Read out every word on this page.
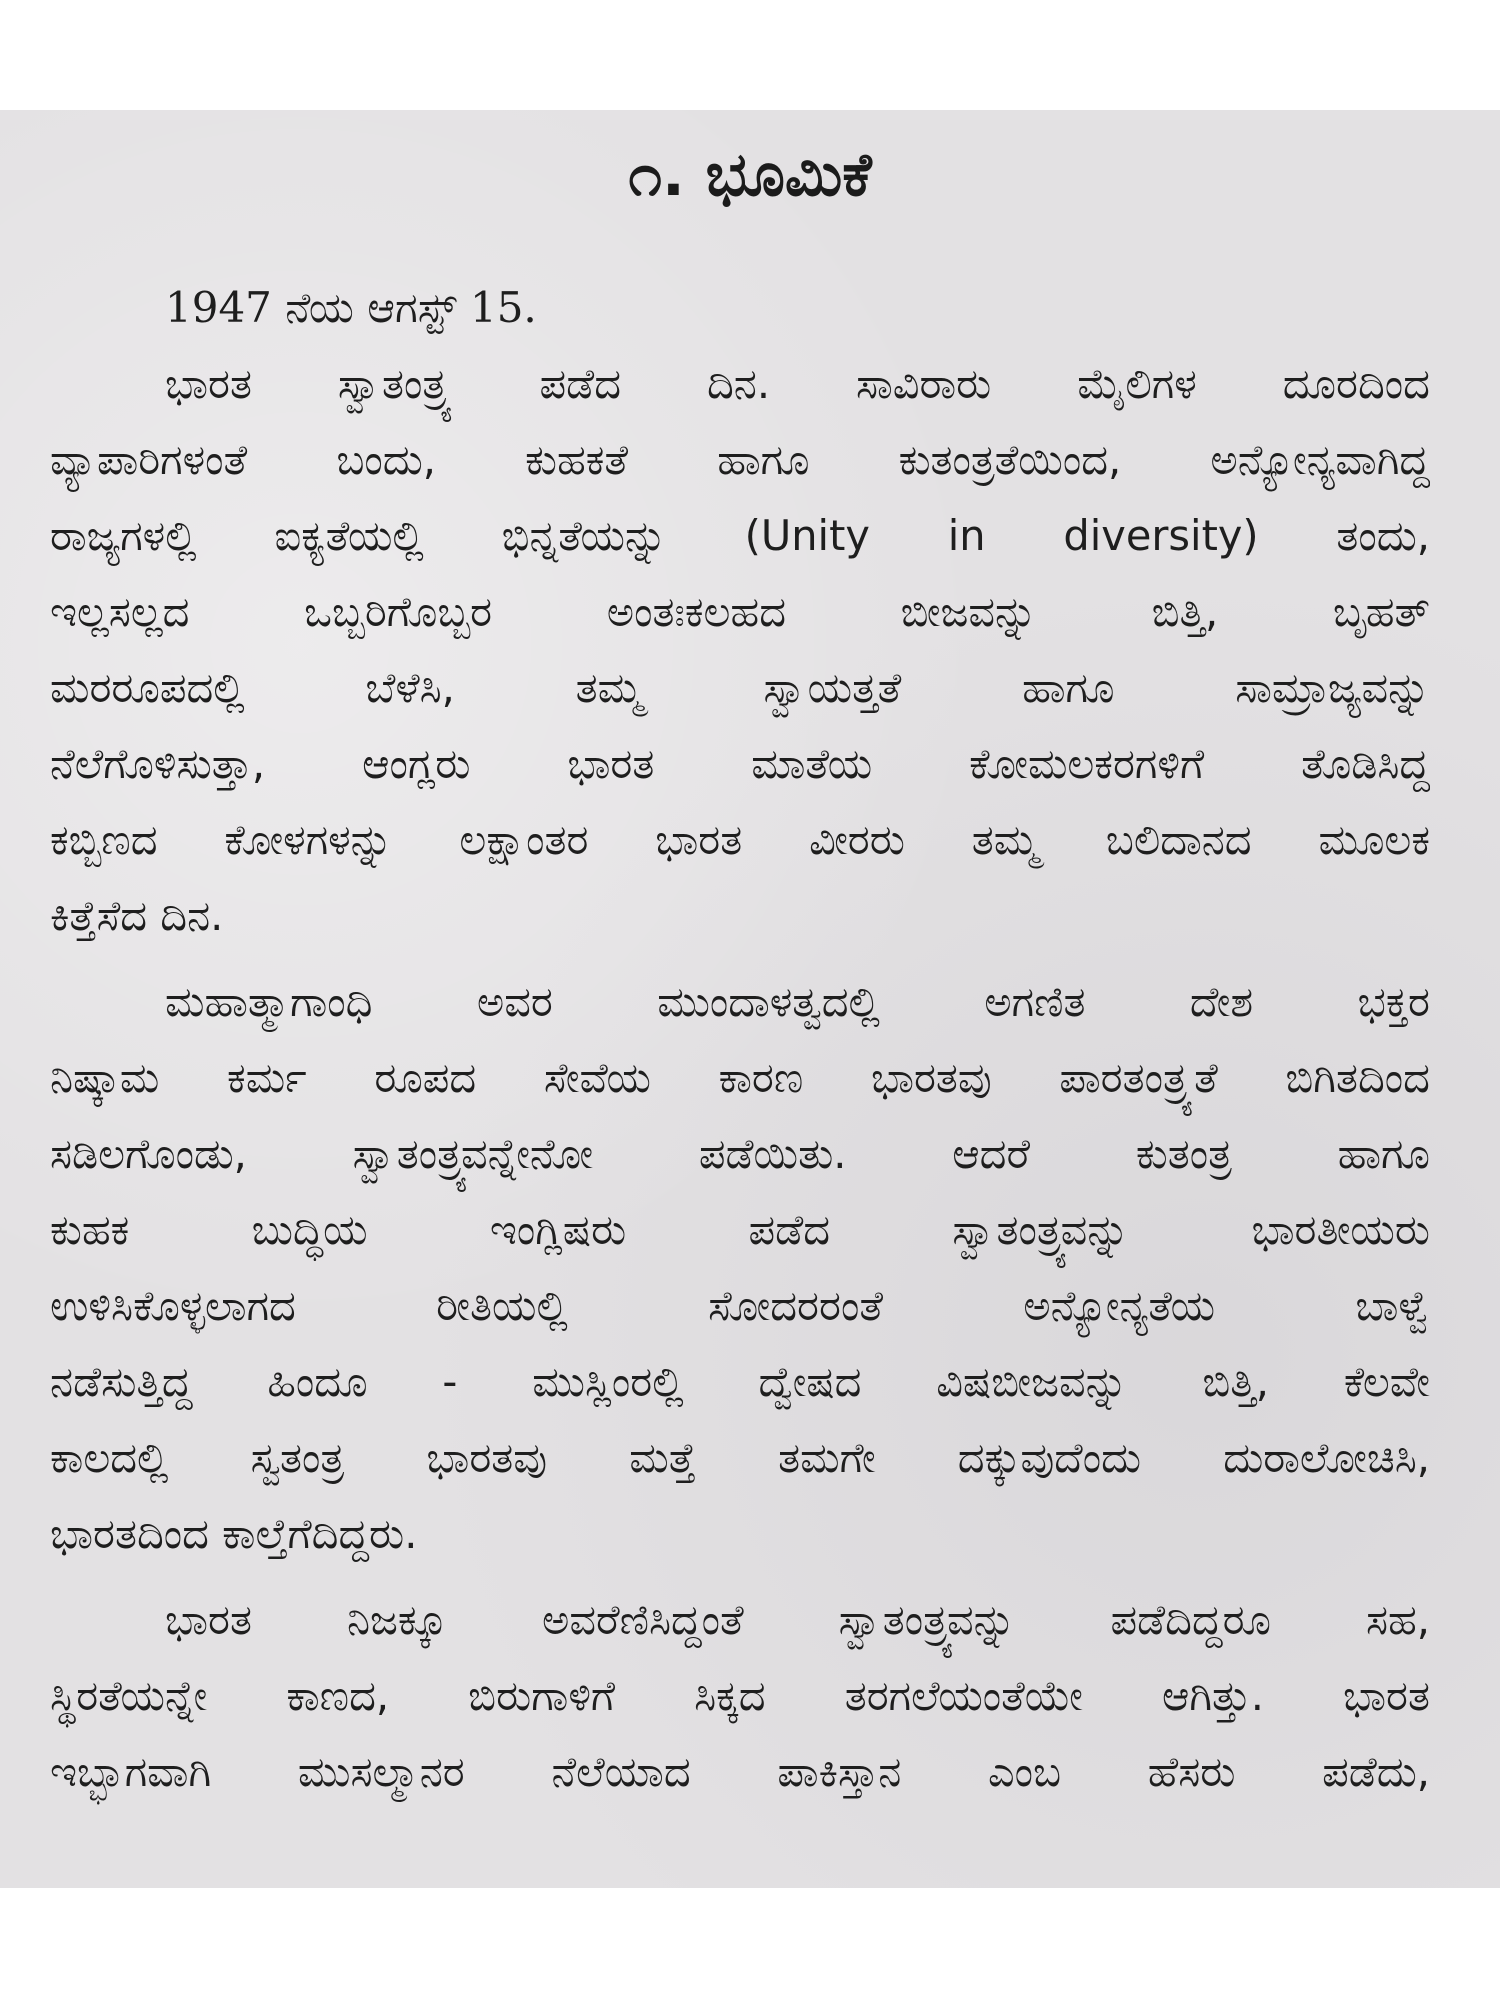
೧. ಭೂಮಿಕೆ
1947 ನೆಯ ಆಗಸ್ಟ್ 15.
ಭಾರತ ಸ್ವಾತಂತ್ರ್ಯ ಪಡೆದ ದಿನ. ಸಾವಿರಾರು ಮೈಲಿಗಳ ದೂರದಿಂದ
ವ್ಯಾಪಾರಿಗಳಂತೆ ಬಂದು, ಕುಹಕತೆ ಹಾಗೂ ಕುತಂತ್ರತೆಯಿಂದ, ಅನ್ಯೋನ್ಯವಾಗಿದ್ದ
ರಾಜ್ಯಗಳಲ್ಲಿ ಐಕ್ಯತೆಯಲ್ಲಿ ಭಿನ್ನತೆಯನ್ನು (Unity in diversity) ತಂದು,
ಇಲ್ಲಸಲ್ಲದ ಒಬ್ಬರಿಗೊಬ್ಬರ ಅಂತಃಕಲಹದ ಬೀಜವನ್ನು ಬಿತ್ತಿ, ಬೃಹತ್
ಮರರೂಪದಲ್ಲಿ ಬೆಳೆಸಿ, ತಮ್ಮ ಸ್ವಾಯತ್ತತೆ ಹಾಗೂ ಸಾಮ್ರಾಜ್ಯವನ್ನು
ನೆಲೆಗೊಳಿಸುತ್ತಾ, ಆಂಗ್ಲರು ಭಾರತ ಮಾತೆಯ ಕೋಮಲಕರಗಳಿಗೆ ತೊಡಿಸಿದ್ದ
ಕಬ್ಬಿಣದ ಕೋಳಗಳನ್ನು ಲಕ್ಷಾಂತರ ಭಾರತ ವೀರರು ತಮ್ಮ ಬಲಿದಾನದ ಮೂಲಕ
ಕಿತ್ತೆಸೆದ ದಿನ.
ಮಹಾತ್ಮಾಗಾಂಧಿ ಅವರ ಮುಂದಾಳತ್ವದಲ್ಲಿ ಅಗಣಿತ ದೇಶ ಭಕ್ತರ
ನಿಷ್ಕಾಮ ಕರ್ಮ ರೂಪದ ಸೇವೆಯ ಕಾರಣ ಭಾರತವು ಪಾರತಂತ್ರ್ಯತೆ ಬಿಗಿತದಿಂದ
ಸಡಿಲಗೊಂಡು, ಸ್ವಾತಂತ್ರ್ಯವನ್ನೇನೋ ಪಡೆಯಿತು. ಆದರೆ ಕುತಂತ್ರ ಹಾಗೂ
ಕುಹಕ ಬುದ್ಧಿಯ ಇಂಗ್ಲಿಷರು ಪಡೆದ ಸ್ವಾತಂತ್ರ್ಯವನ್ನು ಭಾರತೀಯರು
ಉಳಿಸಿಕೊಳ್ಳಲಾಗದ ರೀತಿಯಲ್ಲಿ ಸೋದರರಂತೆ ಅನ್ಯೋನ್ಯತೆಯ ಬಾಳ್ವೆ
ನಡೆಸುತ್ತಿದ್ದ ಹಿಂದೂ - ಮುಸ್ಲಿಂರಲ್ಲಿ ದ್ವೇಷದ ವಿಷಬೀಜವನ್ನು ಬಿತ್ತಿ, ಕೆಲವೇ
ಕಾಲದಲ್ಲಿ ಸ್ವತಂತ್ರ ಭಾರತವು ಮತ್ತೆ ತಮಗೇ ದಕ್ಕುವುದೆಂದು ದುರಾಲೋಚಿಸಿ,
ಭಾರತದಿಂದ ಕಾಲ್ತೆಗೆದಿದ್ದರು.
ಭಾರತ ನಿಜಕ್ಕೂ ಅವರೆಣಿಸಿದ್ದಂತೆ ಸ್ವಾತಂತ್ರ್ಯವನ್ನು ಪಡೆದಿದ್ದರೂ ಸಹ,
ಸ್ಥಿರತೆಯನ್ನೇ ಕಾಣದ, ಬಿರುಗಾಳಿಗೆ ಸಿಕ್ಕದ ತರಗಲೆಯಂತೆಯೇ ಆಗಿತ್ತು. ಭಾರತ
ಇಬ್ಭಾಗವಾಗಿ ಮುಸಲ್ಮಾನರ ನೆಲೆಯಾದ ಪಾಕಿಸ್ತಾನ ಎಂಬ ಹೆಸರು ಪಡೆದು,
